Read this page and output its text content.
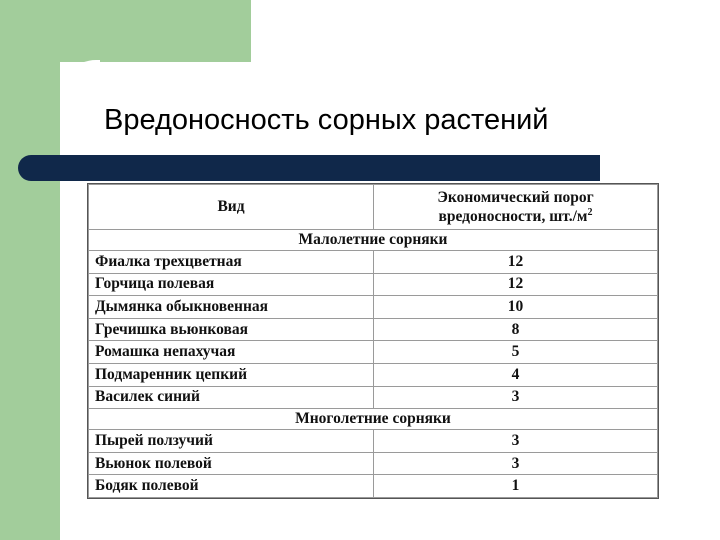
Вредоносность сорных растений
Вид	Экономический порог
вредоносности, $шт./м^2$
Малолетние сорняки	
Фиалка трехцветная	12
Горчица полевая	12
Дымянка обыкновенная	10
Гречишка вьюнковая	8
Ромашка непахучая	5
Подмаренник цепкий	4
Василек синий	3
Многолетние сорняки	
Пырей ползучий	3
Вьюнок полевой	3
Бодяк полевой	1
